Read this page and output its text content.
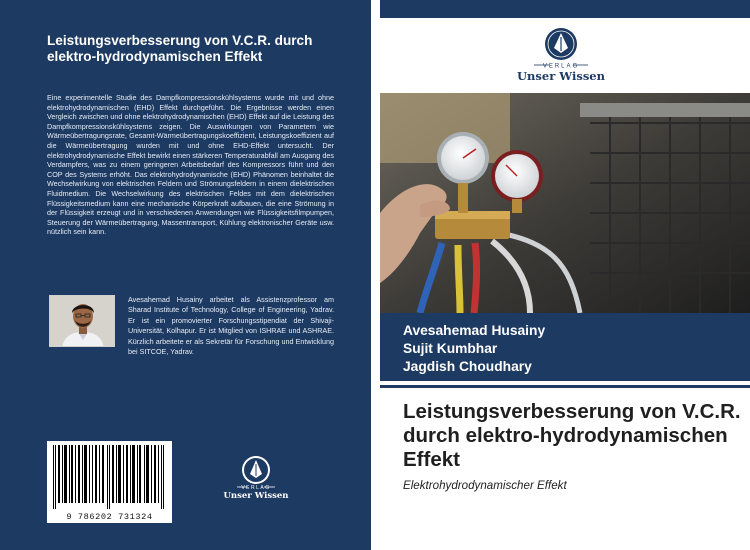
Leistungsverbesserung von V.C.R. durch elektro-hydrodynamischen Effekt
Eine experimentelle Studie des Dampfkompressionskühlsystems wurde mit und ohne elektrohydrodynamischen (EHD) Effekt durchgeführt. Die Ergebnisse werden einen Vergleich zwischen und ohne elektrohydrodynamischen (EHD) Effekt auf die Leistung des Dampfkompressionskühlsystems zeigen. Die Auswirkungen von Parametern wie Wärmeübertragungsrate, Gesamt-Wärmeübertragungskoeffizient, Leistungskoeffizient auf die Wärmeübertragung wurden mit und ohne EHD-Effekt untersucht. Der elektrohydrodynamische Effekt bewirkt einen stärkeren Temperaturabfall am Ausgang des Verdampfers, was zu einem geringeren Arbeitsbedarf des Kompressors führt und den COP des Systems erhöht. Das elektrohydrodynamische (EHD) Phänomen beinhaltet die Wechselwirkung von elektrischen Feldern und Strömungsfeldern in einem dielektrischen Fluidmedium. Die Wechselwirkung des elektrischen Feldes mit dem dielektrischen Flüssigkeitsmedium kann eine mechanische Körperkraft aufbauen, die eine Strömung in der Flüssigkeit erzeugt und in verschiedenen Anwendungen wie Flüssigkeitsfilmpumpen, Steuerung der Wärmeübertragung, Massentransport, Kühlung elektronischer Geräte usw. nützlich sein kann.
Avesahemad Husainy arbeitet als Assistenzprofessor am Sharad Institute of Technology, College of Engineering, Yadrav. Er ist ein promovierter Forschungsstipendiat der Shivaji-Universität, Kolhapur. Er ist Mitglied von ISHRAE und ASHRAE. Kürzlich arbeitete er als Sekretär für Forschung und Entwicklung bei SITCOE, Yadrav.
9 786202 731324
VERLAG
Unser Wissen
VERLAG
Unser Wissen
Avesahemad Husainy
Sujit Kumbhar
Jagdish Choudhary
Leistungsverbesserung von V.C.R. durch elektro-hydrodynamischen Effekt
Elektrohydrodynamischer Effekt
